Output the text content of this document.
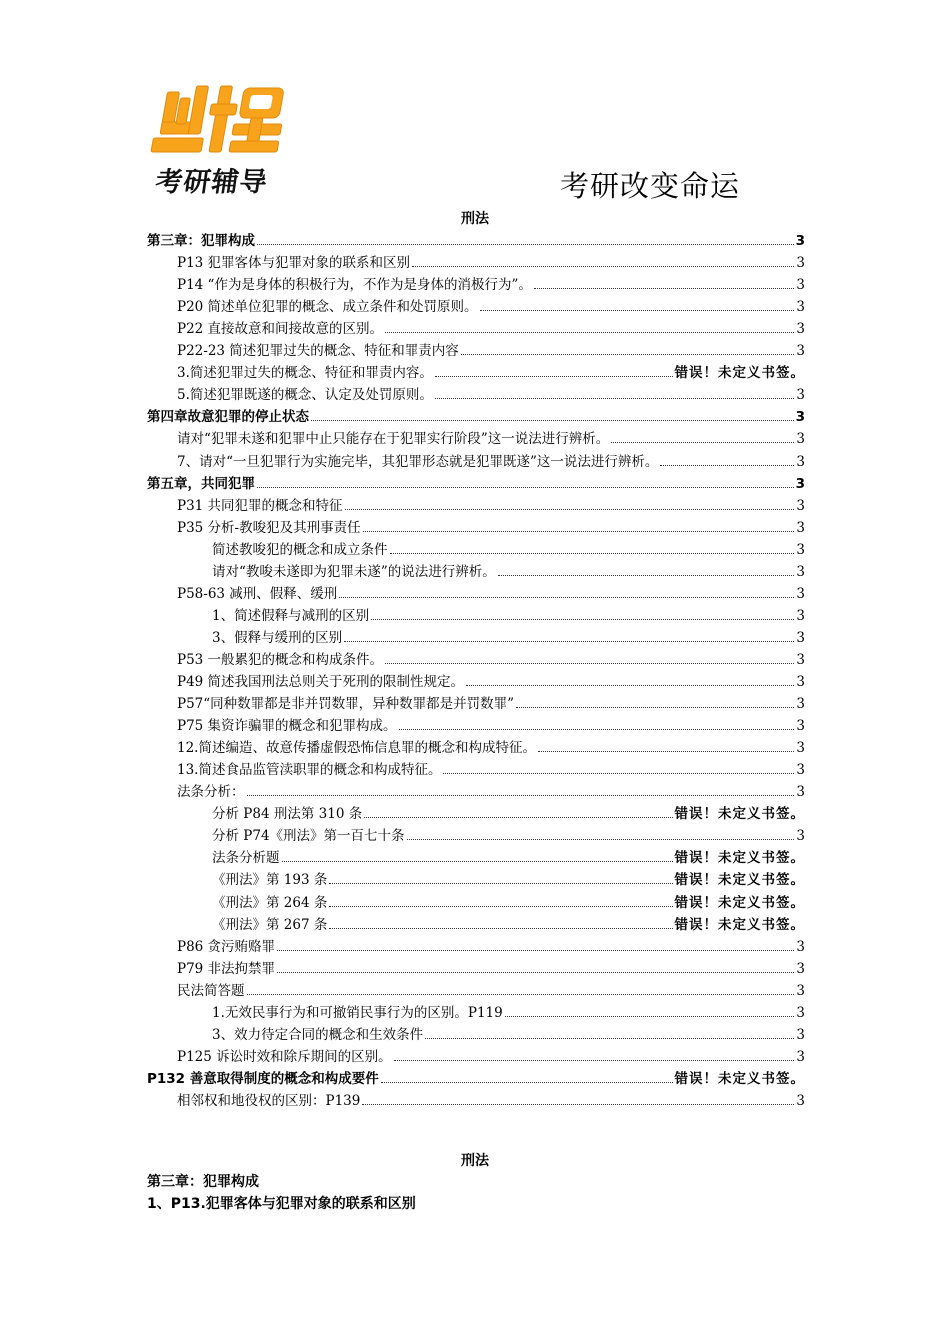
凯程
考研辅导	考研改变命运
刑法
第三章：犯罪构成	3
P13 犯罪客体与犯罪对象的联系和区别	3
P14 “作为是身体的积极行为，不作为是身体的消极行为”。	3
P20 简述单位犯罪的概念、成立条件和处罚原则。	3
P22 直接故意和间接故意的区别。	3
P22-23 简述犯罪过失的概念、特征和罪责内容	3
3.简述犯罪过失的概念、特征和罪责内容。	错误！未定义书签。
5.简述犯罪既遂的概念、认定及处罚原则。	3
第四章故意犯罪的停止状态	3
请对“犯罪未遂和犯罪中止只能存在于犯罪实行阶段”这一说法进行辨析。	3
7、请对“一旦犯罪行为实施完毕，其犯罪形态就是犯罪既遂”这一说法进行辨析。	3
第五章，共同犯罪	3
P31 共同犯罪的概念和特征	3
P35 分析-教唆犯及其刑事责任	3
简述教唆犯的概念和成立条件	3
请对“教唆未遂即为犯罪未遂”的说法进行辨析。	3
P58-63 减刑、假释、缓刑	3
1、简述假释与减刑的区别	3
3、假释与缓刑的区别	3
P53 一般累犯的概念和构成条件。	3
P49 简述我国刑法总则关于死刑的限制性规定。	3
P57“同种数罪都是非并罚数罪，异种数罪都是并罚数罪”	3
P75 集资诈骗罪的概念和犯罪构成。	3
12.简述编造、故意传播虚假恐怖信息罪的概念和构成特征。	3
13.简述食品监管渎职罪的概念和构成特征。	3
法条分析：	3
分析 P84 刑法第 310 条	错误！未定义书签。
分析 P74《刑法》第一百七十条	3
法条分析题	错误！未定义书签。
《刑法》第 193 条	错误！未定义书签。
《刑法》第 264 条	错误！未定义书签。
《刑法》第 267 条	错误！未定义书签。
P86 贪污贿赂罪	3
P79 非法拘禁罪	3
民法简答题	3
1.无效民事行为和可撤销民事行为的区别。P119	3
3、效力待定合同的概念和生效条件	3
P125 诉讼时效和除斥期间的区别。	3
P132 善意取得制度的概念和构成要件	错误！未定义书签。
相邻权和地役权的区别：P139	3
刑法
第三章：犯罪构成
1、P13.犯罪客体与犯罪对象的联系和区别
